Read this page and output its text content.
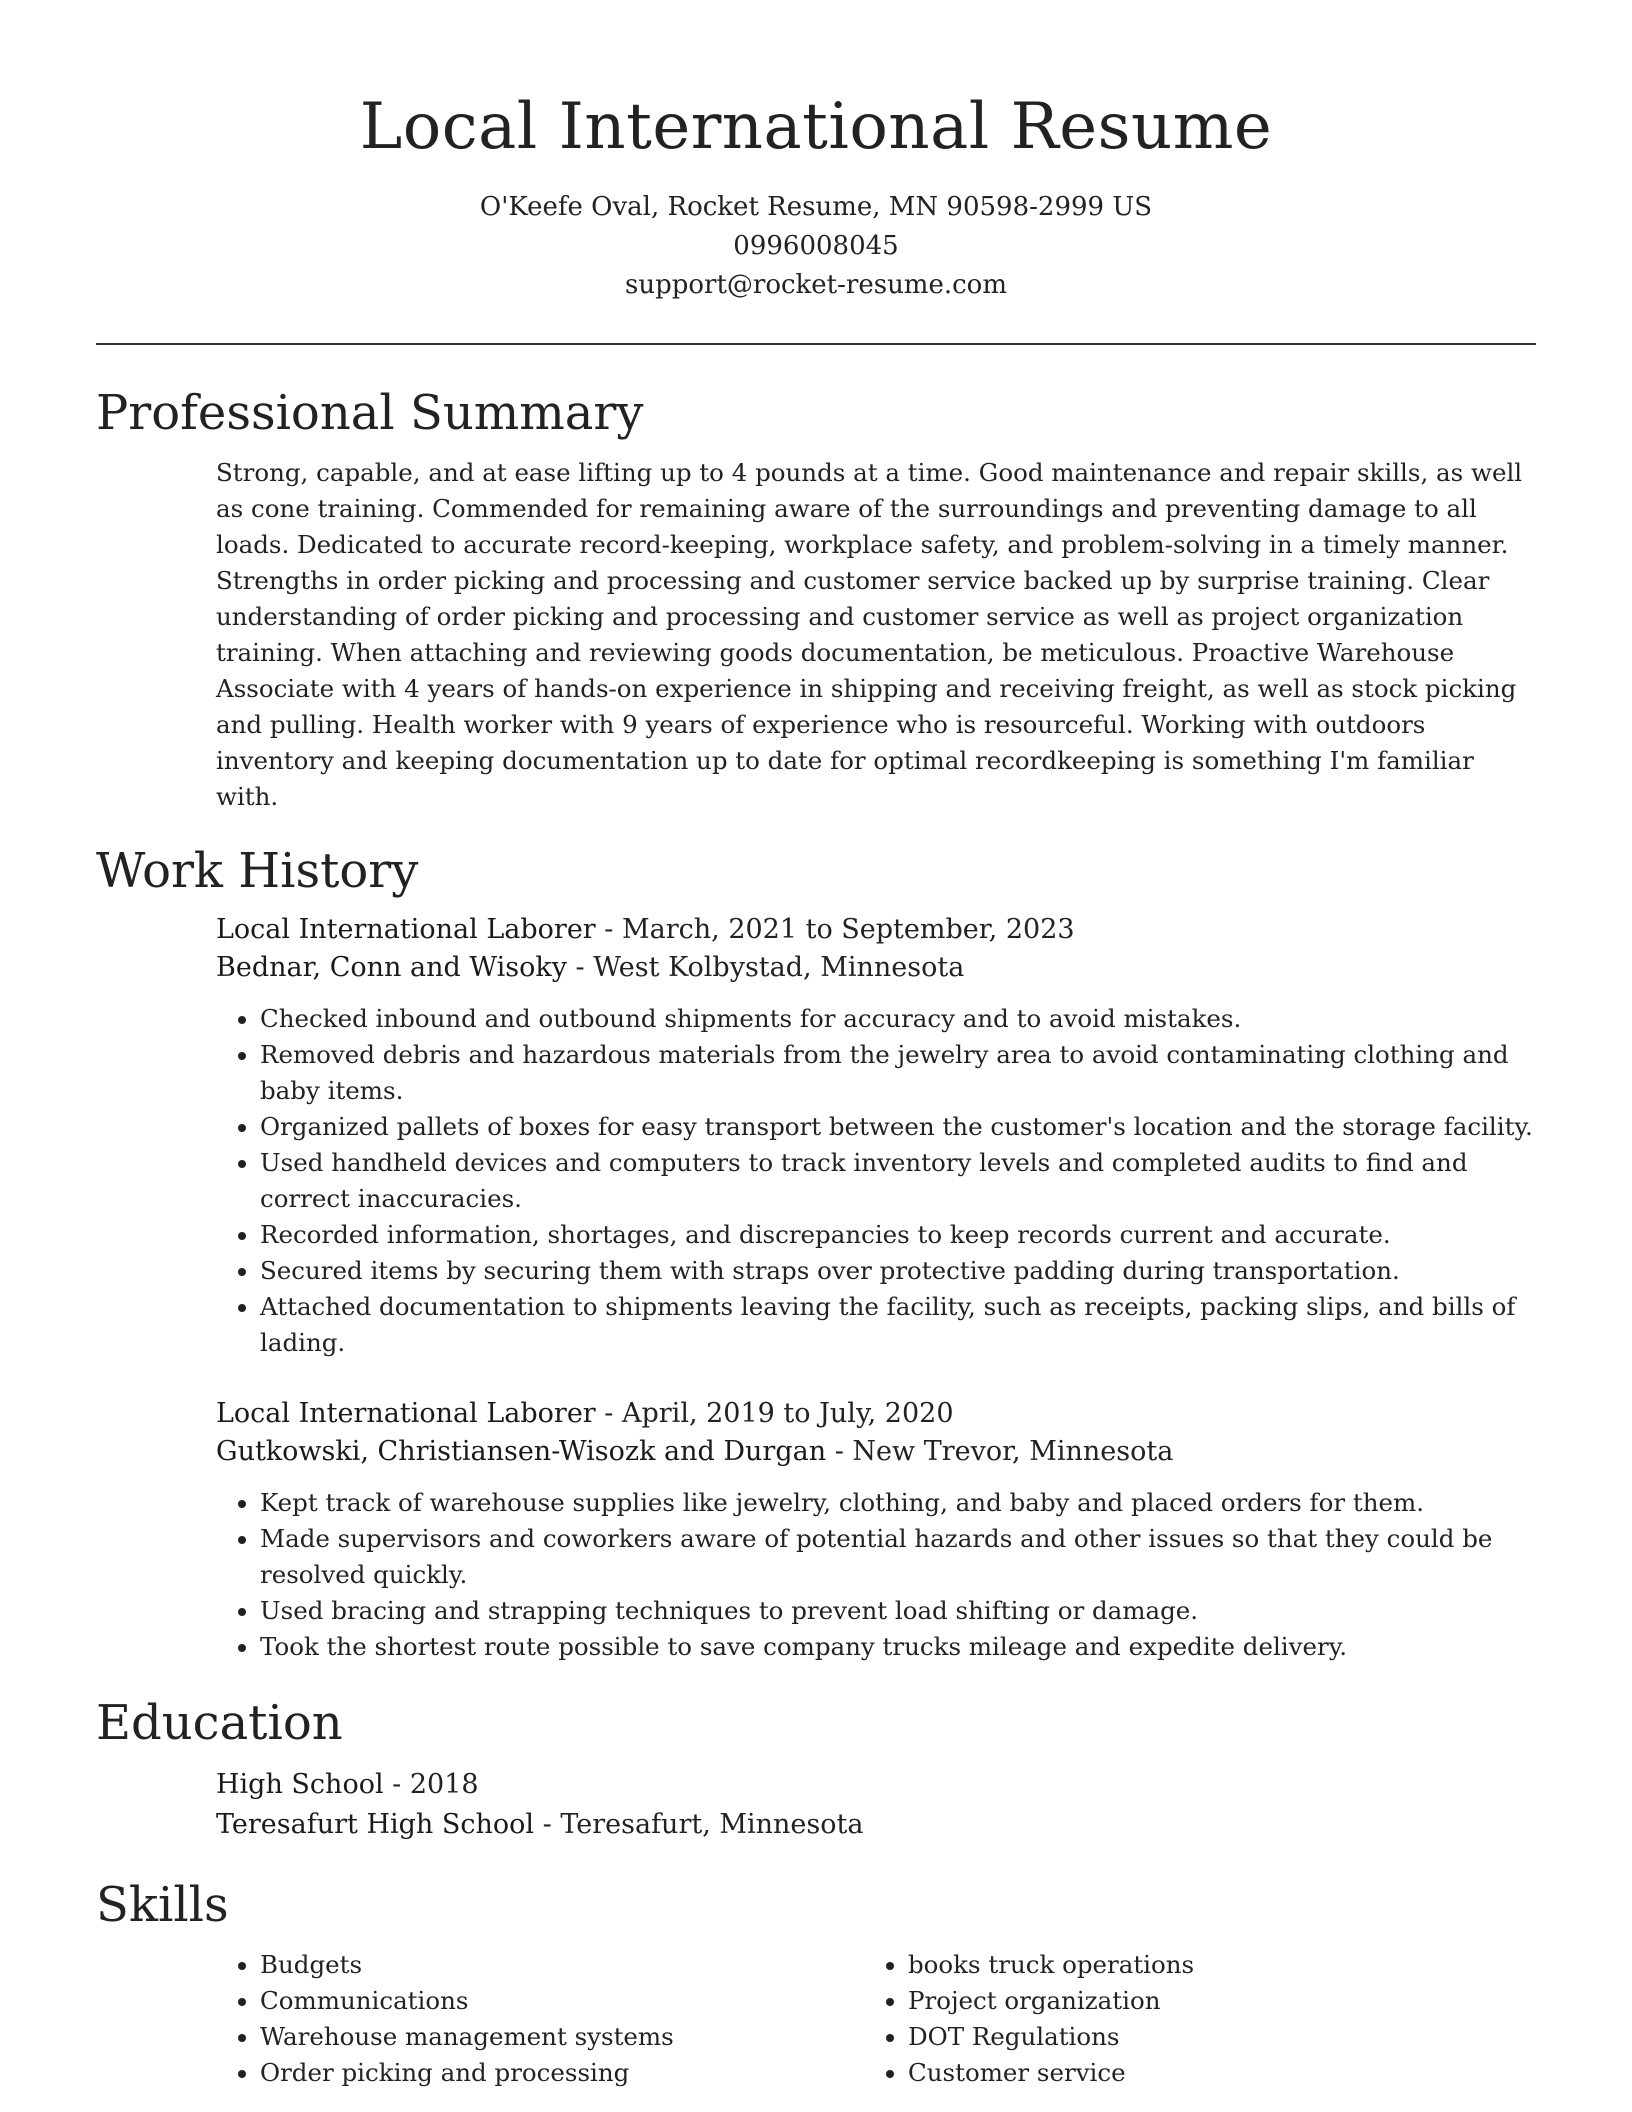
Local International Resume
O'Keefe Oval, Rocket Resume, MN 90598-2999 US
0996008045
support@rocket-resume.com
Professional Summary

Strong, capable, and at ease lifting up to 4 pounds at a time. Good maintenance and repair skills, as well as cone training. Commended for remaining aware of the surroundings and preventing damage to all loads. Dedicated to accurate record-keeping, workplace safety, and problem-solving in a timely manner. Strengths in order picking and processing and customer service backed up by surprise training. Clear understanding of order picking and processing and customer service as well as project organization training. When attaching and reviewing goods documentation, be meticulous. Proactive Warehouse Associate with 4 years of hands-on experience in shipping and receiving freight, as well as stock picking and pulling. Health worker with 9 years of experience who is resourceful. Working with outdoors inventory and keeping documentation up to date for optimal recordkeeping is something I'm familiar with.

Work History
Local International Laborer - March, 2021 to September, 2023
Bednar, Conn and Wisoky - West Kolbystad, Minnesota
• Checked inbound and outbound shipments for accuracy and to avoid mistakes.
• Removed debris and hazardous materials from the jewelry area to avoid contaminating clothing and baby items.
• Organized pallets of boxes for easy transport between the customer's location and the storage facility.
• Used handheld devices and computers to track inventory levels and completed audits to find and correct inaccuracies.
• Recorded information, shortages, and discrepancies to keep records current and accurate.
• Secured items by securing them with straps over protective padding during transportation.
• Attached documentation to shipments leaving the facility, such as receipts, packing slips, and bills of lading.
Local International Laborer - April, 2019 to July, 2020
Gutkowski, Christiansen-Wisozk and Durgan - New Trevor, Minnesota
• Kept track of warehouse supplies like jewelry, clothing, and baby and placed orders for them.
• Made supervisors and coworkers aware of potential hazards and other issues so that they could be resolved quickly.
• Used bracing and strapping techniques to prevent load shifting or damage.
• Took the shortest route possible to save company trucks mileage and expedite delivery.
Education
High School - 2018
Teresafurt High School - Teresafurt, Minnesota
Skills
• Budgets
• Communications
• Warehouse management systems
• Order picking and processing
• books truck operations
• Project organization
• DOT Regulations
• Customer service
